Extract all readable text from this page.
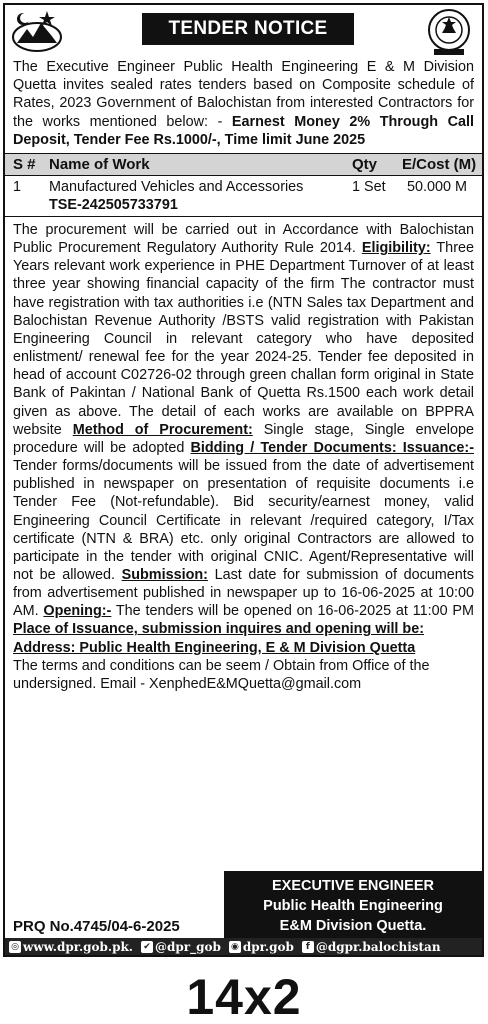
TENDER NOTICE
The Executive Engineer Public Health Engineering E & M Division Quetta invites sealed rates tenders based on Composite schedule of Rates, 2023 Government of Balochistan from interested Contractors for the works mentioned below: - Earnest Money 2% Through Call Deposit, Tender Fee Rs.1000/-, Time limit June 2025
S # Name of Work	Qty E/Cost (M)
1 Manufactured Vehicles and Accessories
TSE-242505733791
1 Set 50.000 M

The procurement will be carried out in Accordance with Balochistan Public Procurement Regulatory Authority Rule 2014. Eligibility: Three Years relevant work experience in PHE Department Turnover of at least three year showing financial capacity of the firm The contractor must have registration with tax authorities i.e (NTN Sales tax Department and Balochistan Revenue Authority /BSTS valid registration with Pakistan Engineering Council in relevant category who have deposited enlistment/ renewal fee for the year 2024-25. Tender fee deposited in head of account C02726-02 through green challan form original in State Bank of Pakintan / National Bank of Quetta Rs.1500 each work detail given as above. The detail of each works are available on BPPRA website Method of Procurement: Single stage, Single envelope procedure will be adopted Bidding / Tender Documents: Issuance:- Tender forms/documents will be issued from the date of advertisement published in newspaper on presentation of requisite documents i.e Tender Fee (Not-refundable). Bid security/earnest money, valid Engineering Council Certificate in relevant /required category, I/Tax certificate (NTN & BRA) etc. only original Contractors are allowed to participate in the tender with original CNIC. Agent/Representative will not be allowed. Submission: Last date for submission of documents from advertisement published in newspaper up to 16-06-2025 at 10:00 AM. Opening:- The tenders will be opened on 16-06-2025 at 11:00 PM Place of Issuance, submission inquires and opening will be:

Address: Public Health Engineering, E & M Division Quetta

The terms and conditions can be seem / Obtain from Office of the undersigned. Email - XenphedE&MQuetta@gmail.com

PRQ No.4745/04-6-2025
EXECUTIVE ENGINEER
Public Health Engineering
E&M Division Quetta.
◎ www.dpr.gob.pk. ✔ @dpr_gob ◉ dpr.gob	f @dgpr.balochistan
14x2
